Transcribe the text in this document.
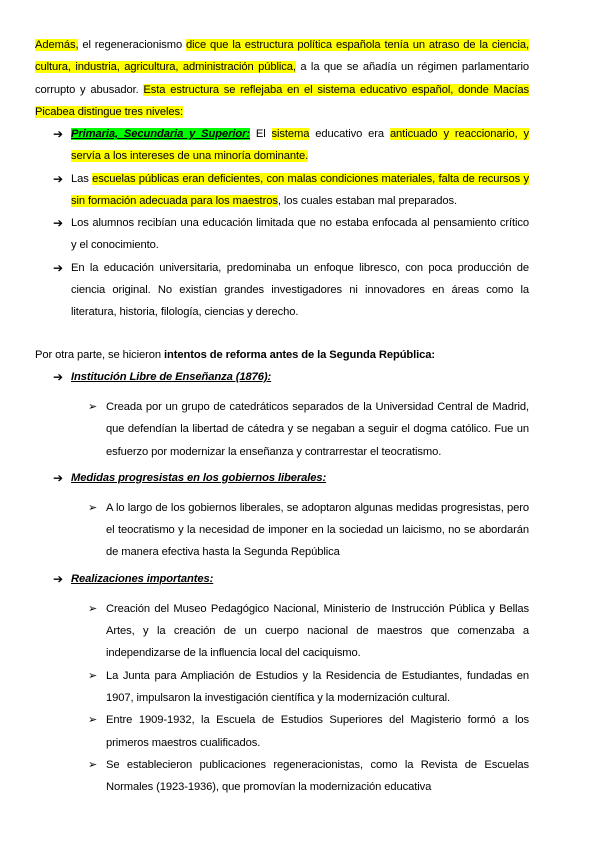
Además, el regeneracionismo dice que la estructura política española tenía un atraso de la ciencia, cultura, industria, agricultura, administración pública, a la que se añadía un régimen parlamentario corrupto y abusador. Esta estructura se reflejaba en el sistema educativo español, donde Macías Picabea distingue tres niveles:

➔ Primaria, Secundaria y Superior: El sistema educativo era anticuado y reaccionario, y servía a los intereses de una minoría dominante.
➔ Las escuelas públicas eran deficientes, con malas condiciones materiales, falta de recursos y sin formación adecuada para los maestros, los cuales estaban mal preparados.
➔ Los alumnos recibían una educación limitada que no estaba enfocada al pensamiento crítico y el conocimiento.
➔ En la educación universitaria, predominaba un enfoque libresco, con poca producción de ciencia original. No existían grandes investigadores ni innovadores en áreas como la literatura, historia, filología, ciencias y derecho.

Por otra parte, se hicieron intentos de reforma antes de la Segunda República:

➔ Institución Libre de Enseñanza (1876):
➢ Creada por un grupo de catedráticos separados de la Universidad Central de Madrid, que defendían la libertad de cátedra y se negaban a seguir el dogma católico. Fue un esfuerzo por modernizar la enseñanza y contrarrestar el teocratismo.
➔ Medidas progresistas en los gobiernos liberales:
➢ A lo largo de los gobiernos liberales, se adoptaron algunas medidas progresistas, pero el teocratismo y la necesidad de imponer en la sociedad un laicismo, no se abordarán de manera efectiva hasta la Segunda República
➔ Realizaciones importantes:
➢ Creación del Museo Pedagógico Nacional, Ministerio de Instrucción Pública y Bellas Artes, y la creación de un cuerpo nacional de maestros que comenzaba a independizarse de la influencia local del caciquismo.
➢ La Junta para Ampliación de Estudios y la Residencia de Estudiantes, fundadas en 1907, impulsaron la investigación científica y la modernización cultural.
➢ Entre 1909-1932, la Escuela de Estudios Superiores del Magisterio formó a los primeros maestros cualificados.
➢ Se establecieron publicaciones regeneracionistas, como la Revista de Escuelas Normales (1923-1936), que promovían la modernización educativa
